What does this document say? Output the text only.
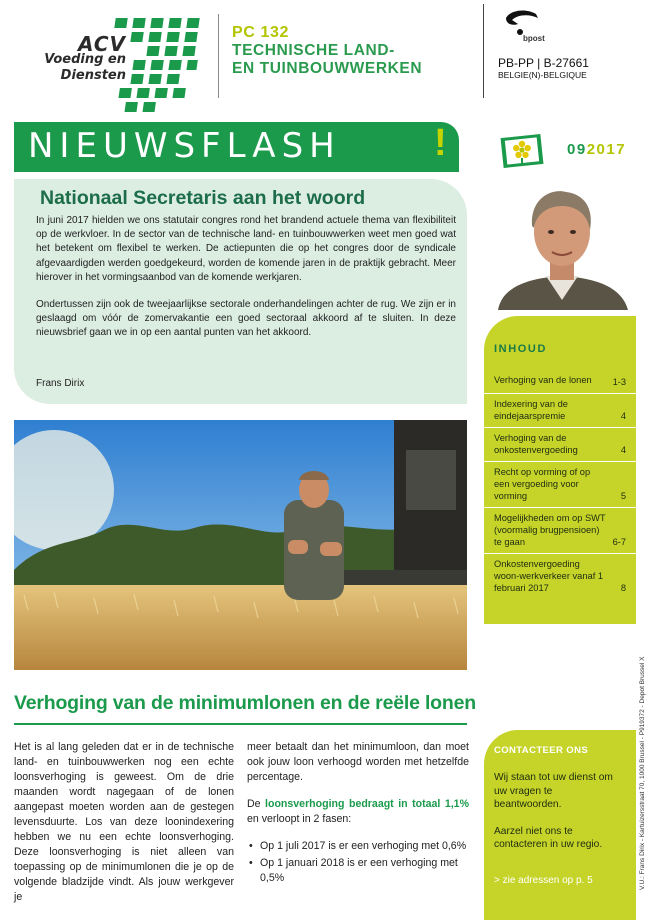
ACV
Voeding en
Diensten
PC 132
TECHNISCHE LAND-
EN TUINBOUWWERKEN
bpost
PB-PP | B-27661
BELGIE(N)-BELGIQUE
NIEUWSFLASH !	092017
Nationaal Secretaris aan het woord

In juni 2017 hielden we ons statutair congres rond het brandend actuele thema van flexibiliteit op de werkvloer. In de sector van de technische land- en tuinbouwwerken weet men goed wat het betekent om flexibel te werken. De actiepunten die op het congres door de syndicale afgevaardigden werden goedgekeurd, worden de komende jaren in de praktijk gebracht. Meer hierover in het vormingsaanbod van de komende werkjaren.

Ondertussen zijn ook de tweejaarlijkse sectorale onderhandelingen achter de rug. We zijn er in geslaagd om vóór de zomervakantie een goed sectoraal akkoord af te sluiten. In deze nieuwsbrief gaan we in op een aantal punten van het akkoord.

Frans Dirix
INHOUD
Verhoging van de lonen	1-3
Indexering van de eindejaarspremie	4
Verhoging van de onkostenvergoeding	4
Recht op vorming of op een vergoeding voor vorming	5
Mogelijkheden om op SWT (voormalig brugpensioen) te gaan	6-7
Onkostenvergoeding woon-werkverkeer vanaf 1 februari 2017	8
Verhoging van de minimumlonen en de reële lonen
Het is al lang geleden dat er in de technische land- en tuinbouwwerken nog een echte loonsverhoging is geweest. Om de drie maanden wordt nagegaan of de lonen aangepast moeten worden aan de gestegen levensduurte. Los van deze loonindexering hebben we nu een echte loonsverhoging. Deze loonsverhoging is niet alleen van toepassing op de minimumlonen die je op de volgende bladzijde vindt. Als jouw werkgever je

meer betaalt dan het minimumloon, dan moet ook jouw loon verhoogd worden met hetzelfde percentage.

De loonsverhoging bedraagt in totaal 1,1% en verloopt in 2 fasen:

• Op 1 juli 2017 is er een verhoging met 0,6%
• Op 1 januari 2018 is er een verhoging met 0,5%
CONTACTEER ONS

Wij staan tot uw dienst om uw vragen te beantwoorden.

Aarzel niet ons te contacteren in uw regio.

> zie adressen op p. 5	V.U.: Frans Dirix - Kartuizersstraat 70, 1000 Brussel - P919372 - Depot Brussel X
